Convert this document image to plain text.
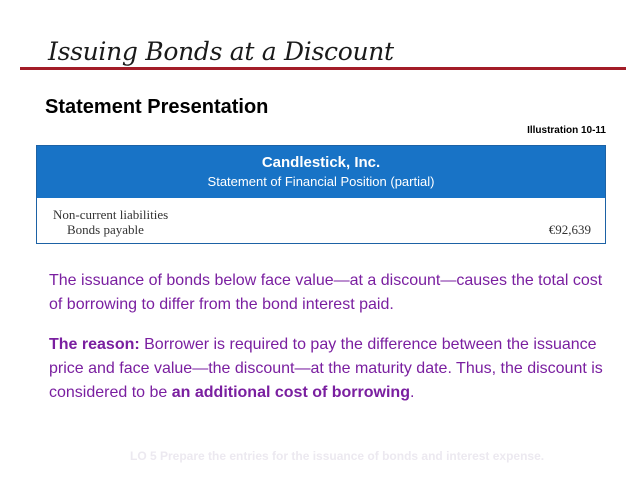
Issuing Bonds at a Discount
Statement Presentation
Illustration 10-11
Candlestick, Inc.
Statement of Financial Position (partial)
Non-current liabilities
Bonds payable	€92,639

The issuance of bonds below face value—at a discount—causes the total cost of borrowing to differ from the bond interest paid.

The reason: Borrower is required to pay the difference between the issuance price and face value—the discount—at the maturity date. Thus, the discount is considered to be an additional cost of borrowing.

LO 5 Prepare the entries for the issuance of bonds and interest expense.
